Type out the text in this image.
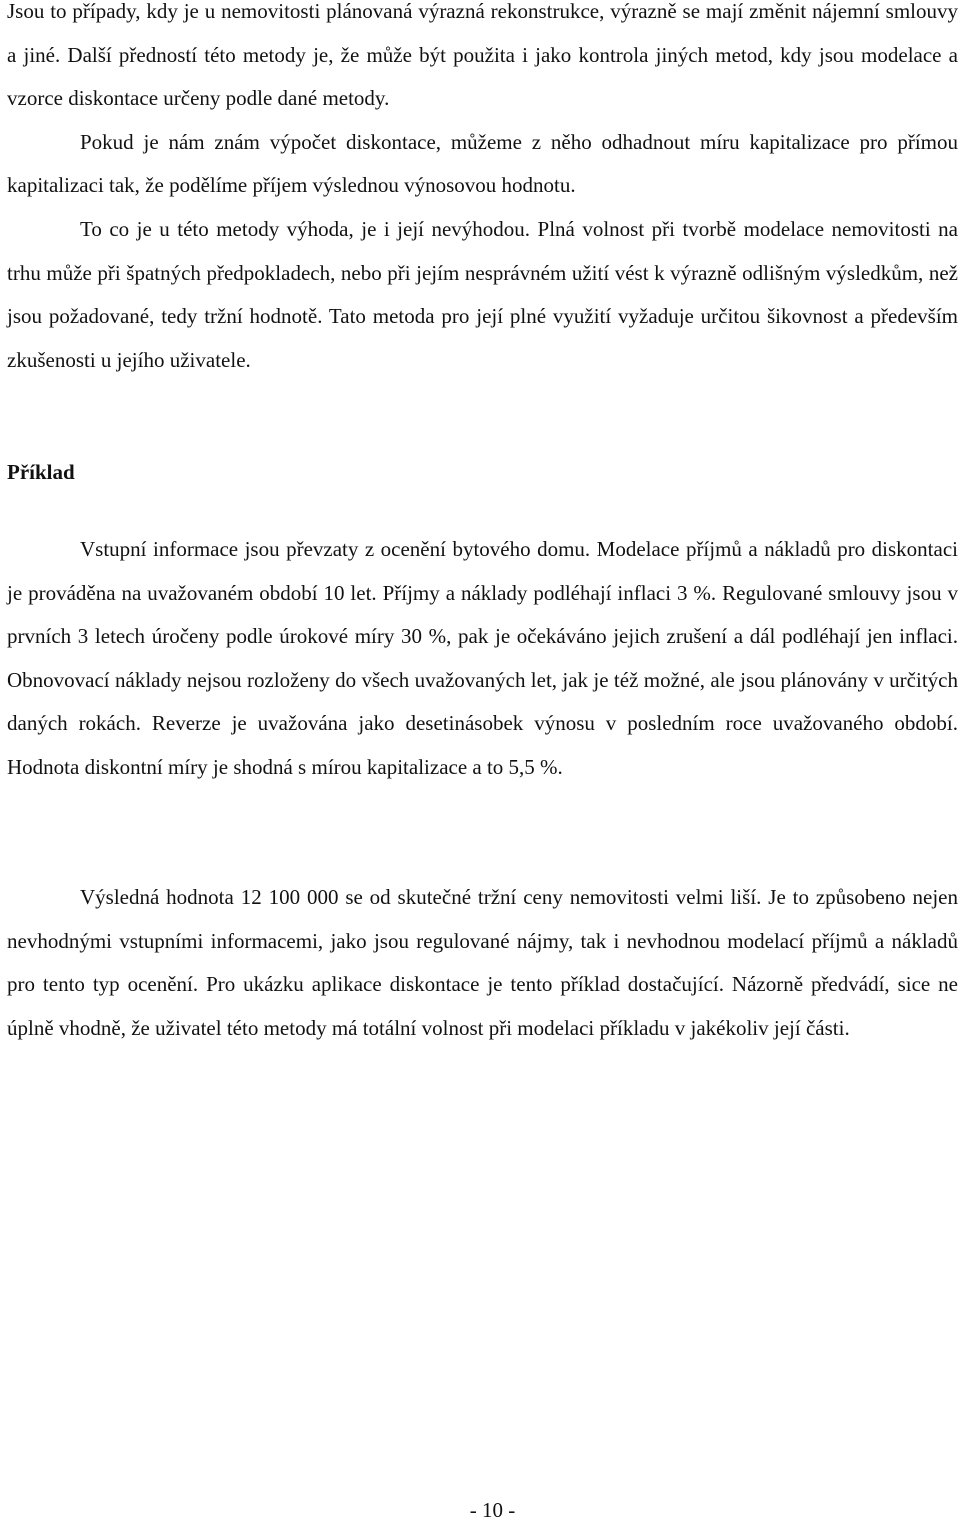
Jsou to případy, kdy je u nemovitosti plánovaná výrazná rekonstrukce, výrazně se mají změnit nájemní smlouvy a jiné. Další předností této metody je, že může být použita i jako kontrola jiných metod, kdy jsou modelace a vzorce diskontace určeny podle dané metody.

Pokud je nám znám výpočet diskontace, můžeme z něho odhadnout míru kapitalizace pro přímou kapitalizaci tak, že podělíme příjem výslednou výnosovou hodnotu.

To co je u této metody výhoda, je i její nevýhodou. Plná volnost při tvorbě modelace nemovitosti na trhu může při špatných předpokladech, nebo při jejím nesprávném užití vést k výrazně odlišným výsledkům, než jsou požadované, tedy tržní hodnotě. Tato metoda pro její plné využití vyžaduje určitou šikovnost a především zkušenosti u jejího uživatele.

Příklad

Vstupní informace jsou převzaty z ocenění bytového domu. Modelace příjmů a nákladů pro diskontaci je prováděna na uvažovaném období 10 let. Příjmy a náklady podléhají inflaci 3 %. Regulované smlouvy jsou v prvních 3 letech úročeny podle úrokové míry 30 %, pak je očekáváno jejich zrušení a dál podléhají jen inflaci. Obnovovací náklady nejsou rozloženy do všech uvažovaných let, jak je též možné, ale jsou plánovány v určitých daných rokách. Reverze je uvažována jako desetinásobek výnosu v posledním roce uvažovaného období. Hodnota diskontní míry je shodná s mírou kapitalizace a to 5,5 %.

Výsledná hodnota 12 100 000 se od skutečné tržní ceny nemovitosti velmi liší. Je to způsobeno nejen nevhodnými vstupními informacemi, jako jsou regulované nájmy, tak i nevhodnou modelací příjmů a nákladů pro tento typ ocenění. Pro ukázku aplikace diskontace je tento příklad dostačující. Názorně předvádí, sice ne úplně vhodně, že uživatel této metody má totální volnost při modelaci příkladu v jakékoliv její části.

- 10 -
